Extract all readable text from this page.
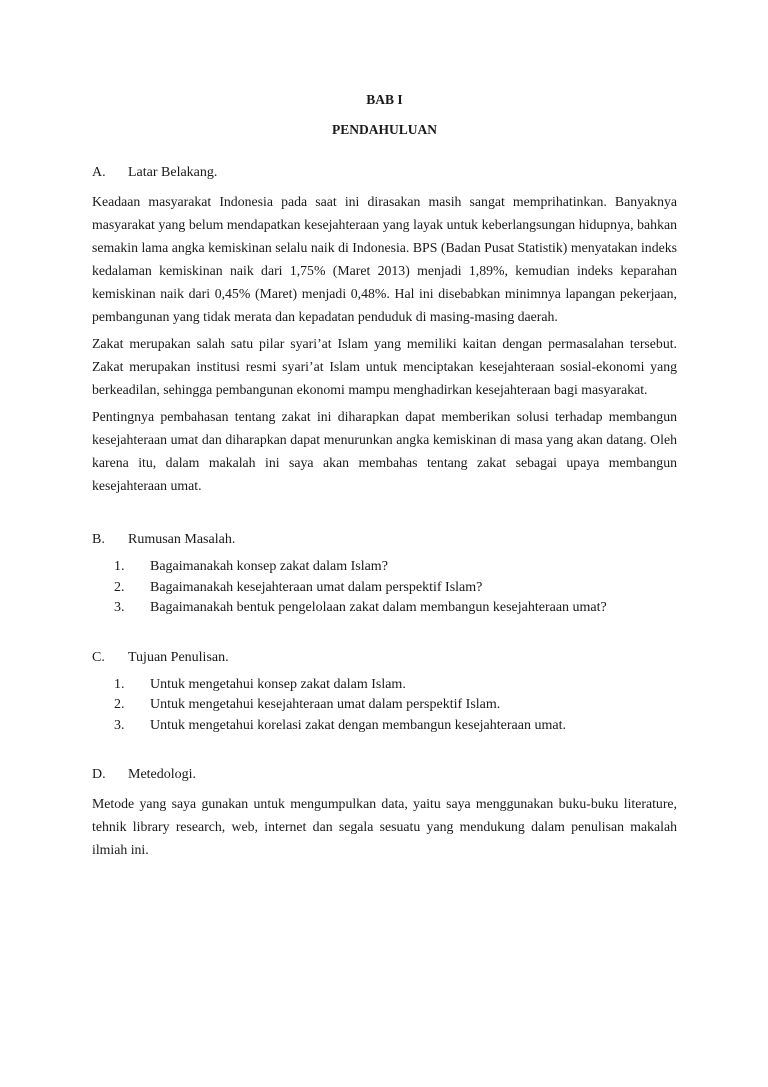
BAB I

PENDAHULUAN

A.	Latar Belakang.

Keadaan masyarakat Indonesia pada saat ini dirasakan masih sangat memprihatinkan. Banyaknya masyarakat yang belum mendapatkan kesejahteraan yang layak untuk keberlangsungan hidupnya, bahkan semakin lama angka kemiskinan selalu naik di Indonesia. BPS (Badan Pusat Statistik) menyatakan indeks kedalaman kemiskinan naik dari 1,75% (Maret 2013) menjadi 1,89%, kemudian indeks keparahan kemiskinan naik dari 0,45% (Maret) menjadi 0,48%. Hal ini disebabkan minimnya lapangan pekerjaan, pembangunan yang tidak merata dan kepadatan penduduk di masing-masing daerah.

Zakat merupakan salah satu pilar syari’at Islam yang memiliki kaitan dengan permasalahan tersebut. Zakat merupakan institusi resmi syari’at Islam untuk menciptakan kesejahteraan sosial-ekonomi yang berkeadilan, sehingga pembangunan ekonomi mampu menghadirkan kesejahteraan bagi masyarakat.

Pentingnya pembahasan tentang zakat ini diharapkan dapat memberikan solusi terhadap membangun kesejahteraan umat dan diharapkan dapat menurunkan angka kemiskinan di masa yang akan datang. Oleh karena itu, dalam makalah ini saya akan membahas tentang zakat sebagai upaya membangun kesejahteraan umat.

B.	Rumusan Masalah.
1.	Bagaimanakah konsep zakat dalam Islam?
2.	Bagaimanakah kesejahteraan umat dalam perspektif Islam?
3.	Bagaimanakah bentuk pengelolaan zakat dalam membangun kesejahteraan umat?
C.	Tujuan Penulisan.
1.	Untuk mengetahui konsep zakat dalam Islam.
2.	Untuk mengetahui kesejahteraan umat dalam perspektif Islam.
3.	Untuk mengetahui korelasi zakat dengan membangun kesejahteraan umat.
D.	Metedologi.

Metode yang saya gunakan untuk mengumpulkan data, yaitu saya menggunakan buku-buku literature, tehnik library research, web, internet dan segala sesuatu yang mendukung dalam penulisan makalah ilmiah ini.
